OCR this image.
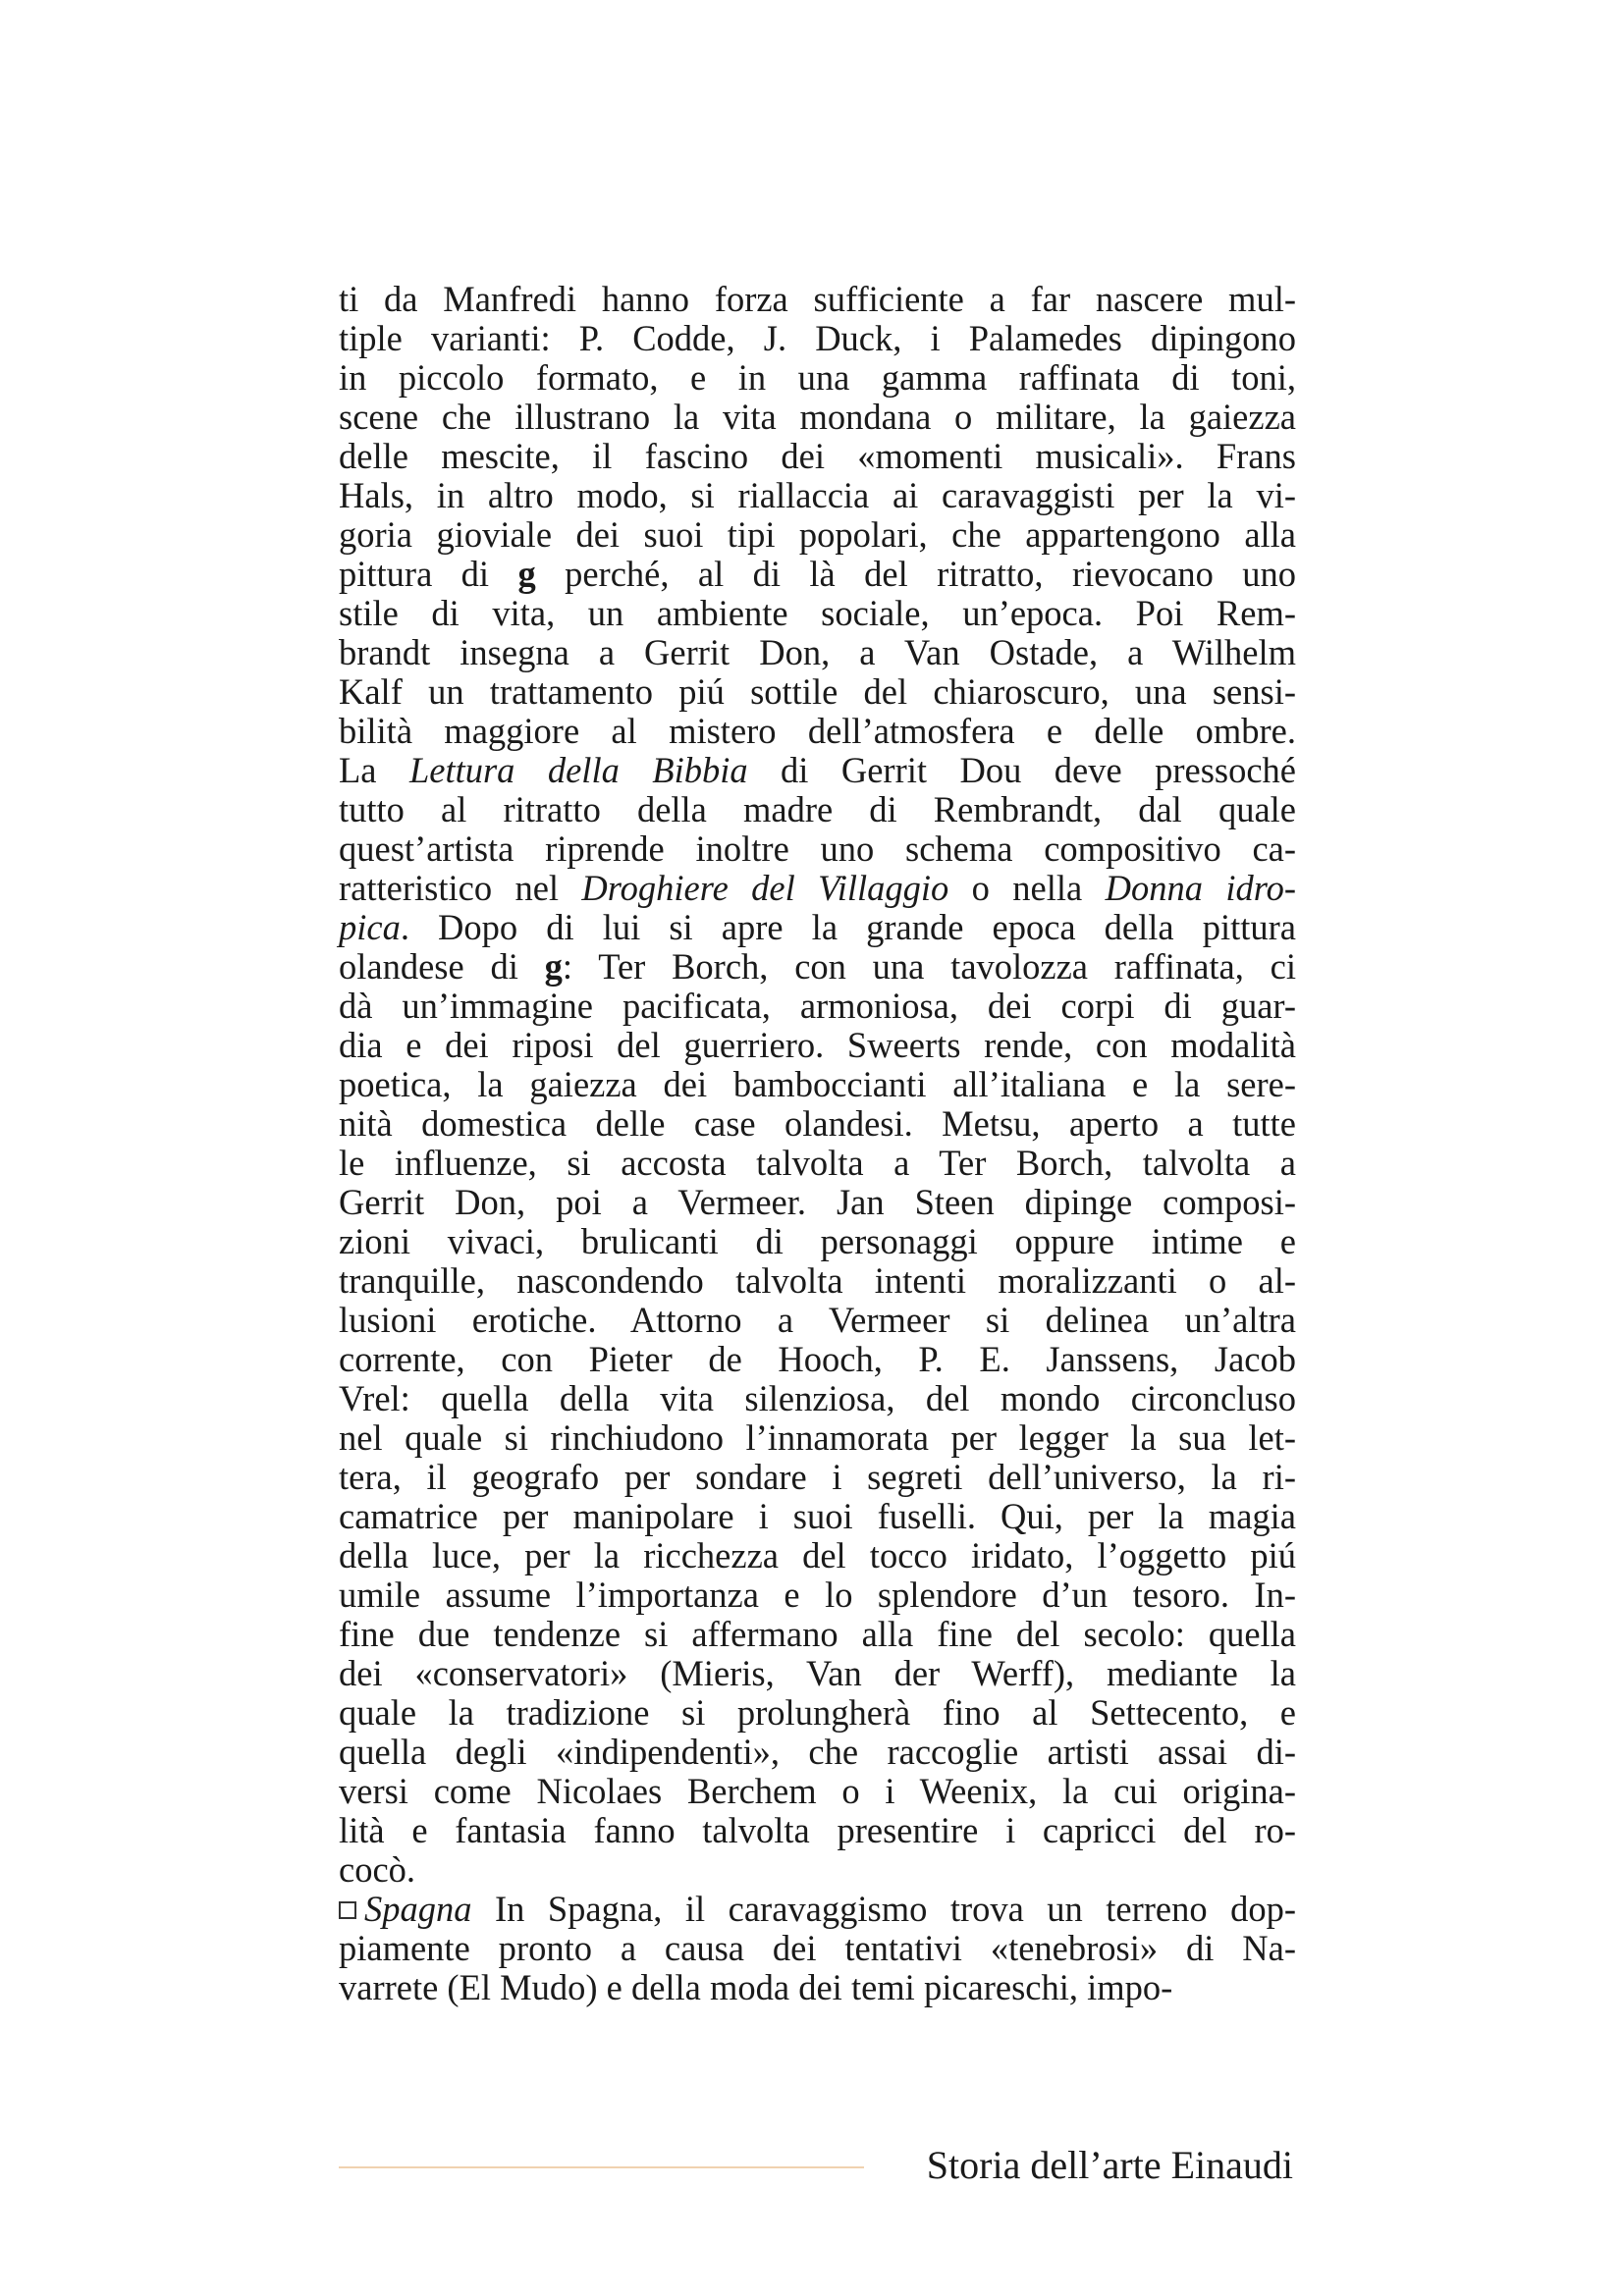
ti da Manfredi hanno forza sufficiente a far nascere mul-
tiple varianti: P. Codde, J. Duck, i Palamedes dipingono
in piccolo formato, e in una gamma raffinata di toni,
scene che illustrano la vita mondana o militare, la gaiezza
delle mescite, il fascino dei «momenti musicali». Frans
Hals, in altro modo, si riallaccia ai caravaggisti per la vi-
goria gioviale dei suoi tipi popolari, che appartengono alla
pittura di g perché, al di là del ritratto, rievocano uno
stile di vita, un ambiente sociale, un’epoca. Poi Rem-
brandt insegna a Gerrit Don, a Van Ostade, a Wilhelm
Kalf un trattamento piú sottile del chiaroscuro, una sensi-
bilità maggiore al mistero dell’atmosfera e delle ombre.
La Lettura della Bibbia di Gerrit Dou deve pressoché
tutto al ritratto della madre di Rembrandt, dal quale
quest’artista riprende inoltre uno schema compositivo ca-
ratteristico nel Droghiere del Villaggio o nella Donna idro-
pica. Dopo di lui si apre la grande epoca della pittura
olandese di g: Ter Borch, con una tavolozza raffinata, ci
dà un’immagine pacificata, armoniosa, dei corpi di guar-
dia e dei riposi del guerriero. Sweerts rende, con modalità
poetica, la gaiezza dei bamboccianti all’italiana e la sere-
nità domestica delle case olandesi. Metsu, aperto a tutte
le influenze, si accosta talvolta a Ter Borch, talvolta a
Gerrit Don, poi a Vermeer. Jan Steen dipinge composi-
zioni vivaci, brulicanti di personaggi oppure intime e
tranquille, nascondendo talvolta intenti moralizzanti o al-
lusioni erotiche. Attorno a Vermeer si delinea un’altra
corrente, con Pieter de Hooch, P. E. Janssens, Jacob
Vrel: quella della vita silenziosa, del mondo circoncluso
nel quale si rinchiudono l’innamorata per legger la sua let-
tera, il geografo per sondare i segreti dell’universo, la ri-
camatrice per manipolare i suoi fuselli. Qui, per la magia
della luce, per la ricchezza del tocco iridato, l’oggetto piú
umile assume l’importanza e lo splendore d’un tesoro. In-
fine due tendenze si affermano alla fine del secolo: quella
dei «conservatori» (Mieris, Van der Werff), mediante la
quale la tradizione si prolungherà fino al Settecento, e
quella degli «indipendenti», che raccoglie artisti assai di-
versi come Nicolaes Berchem o i Weenix, la cui origina-
lità e fantasia fanno talvolta presentire i capricci del ro-
cocò.
Spagna In Spagna, il caravaggismo trova un terreno dop-
piamente pronto a causa dei tentativi «tenebrosi» di Na-
varrete (El Mudo) e della moda dei temi picareschi, impo-
Storia dell’arte Einaudi
